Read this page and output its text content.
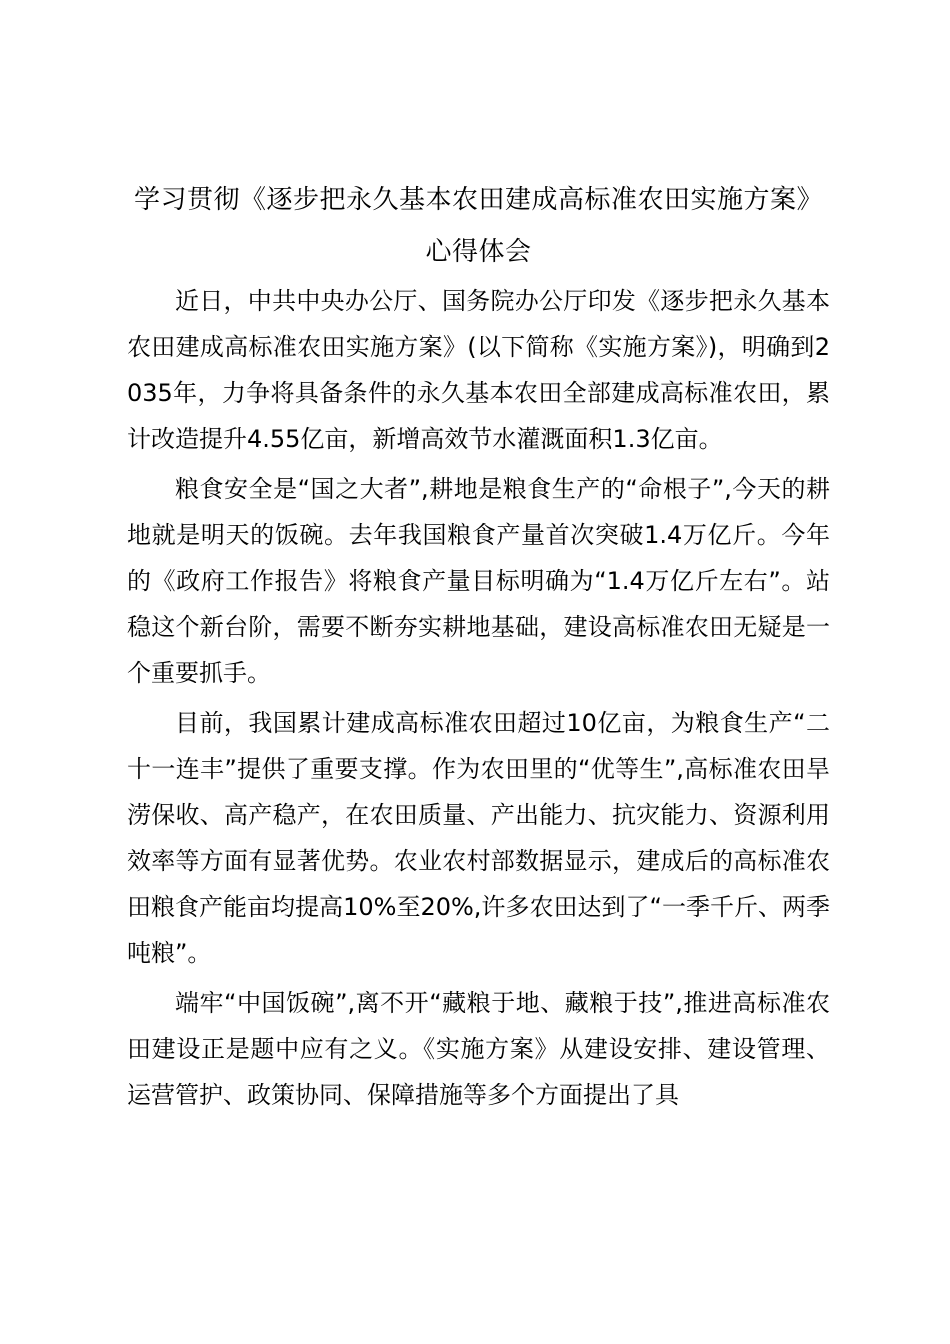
学习贯彻《逐步把永久基本农田建成高标准农田实施方案》心得体会

近日，中共中央办公厅、国务院办公厅印发《逐步把永久基本农田建成高标准农田实施方案》(以下简称《实施方案》)，明确到2035年，力争将具备条件的永久基本农田全部建成高标准农田，累计改造提升4.55亿亩，新增高效节水灌溉面积1.3亿亩。

粮食安全是“国之大者”,耕地是粮食生产的“命根子”,今天的耕地就是明天的饭碗。去年我国粮食产量首次突破1.4万亿斤。今年的《政府工作报告》将粮食产量目标明确为“1.4万亿斤左右”。站稳这个新台阶，需要不断夯实耕地基础，建设高标准农田无疑是一个重要抓手。

目前，我国累计建成高标准农田超过10亿亩，为粮食生产“二十一连丰”提供了重要支撑。作为农田里的“优等生”,高标准农田旱涝保收、高产稳产，在农田质量、产出能力、抗灾能力、资源利用效率等方面有显著优势。农业农村部数据显示，建成后的高标准农田粮食产能亩均提高10%至20%,许多农田达到了“一季千斤、两季吨粮”。

端牢“中国饭碗”,离不开“藏粮于地、藏粮于技”,推进高标准农田建设正是题中应有之义。《实施方案》从建设安排、建设管理、运营管护、政策协同、保障措施等多个方面提出了具
